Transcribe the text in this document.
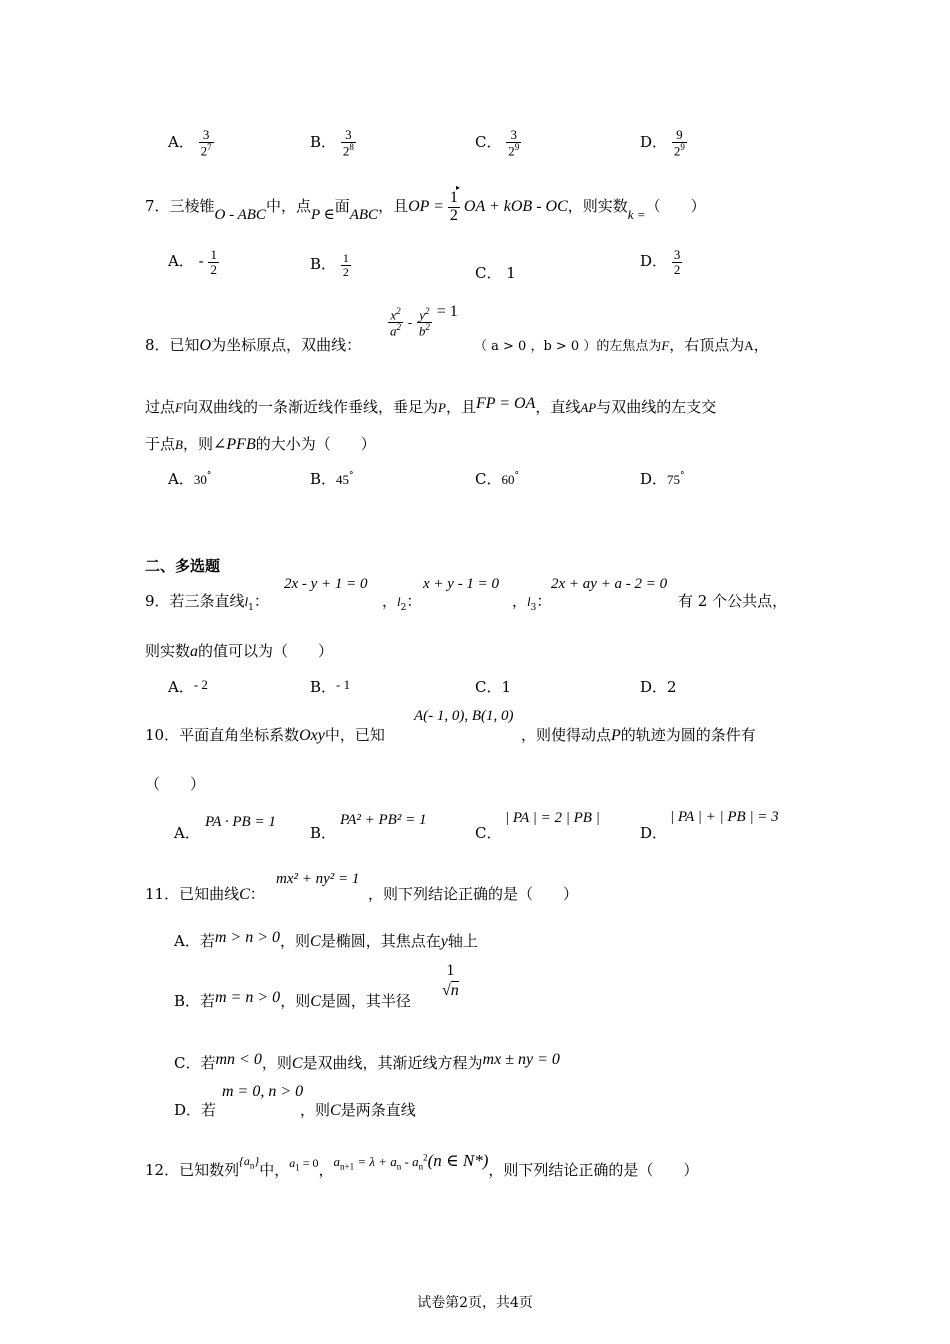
A． $\frac{3}{2^7}$	B． $\frac{3}{2^8}$	C． $\frac{3}{2^9}$	D． $\frac{9}{2^9}$
7．三棱锥O - ABC中，点P ∈面ABC，且OP = $\frac{1}{2}$ OA + kOB - OC，则实数k =（　　）
▸
A． - $\frac{1}{2}$	B． $\frac{1}{2}$	C． 1
D． $\frac{3}{2}$
8．已知O为坐标原点，双曲线：
$\frac{x^2}{a^2} - \frac{y^2}{b^2} = 1$
（ a > 0 ，b > 0 ）的左焦点为F，右顶点为A，
过点F向双曲线的一条渐近线作垂线，垂足为P，且FP = OA，直线AP与双曲线的左支交
于点B，则∠PFB的大小为（　　）
A．30°	B．45°	C．60°	D．75°
二、多选题
9．若三条直线$l_1$：
2x - y + 1 = 0
，$l_2$：
x + y - 1 = 0
，$l_3$：
2x + ay + a - 2 = 0
有 2 个公共点，
则实数a的值可以为（　　）
A．- 2	B．- 1	C．1	D．2
10．平面直角坐标系数Oxy中，已知
A(- 1, 0), B(1, 0)
，则使得动点P的轨迹为圆的条件有
（　　）
A．
PA · PB = 1
B．
PA² + PB² = 1
C．
| PA | = 2 | PB |
D．
| PA | + | PB | = 3
11．已知曲线C：
mx² + ny² = 1
，则下列结论正确的是（　　）
A．若m > n > 0，则C是椭圆，其焦点在y轴上
B．若m = n > 0，则C是圆，其半径
1
√n
C．若mn < 0，则C是双曲线，其渐近线方程为mx ± ny = 0
D．若
m = 0, n > 0
，则C是两条直线
12．已知数列$^{\{a_n\}}$中，$^{a_1 = 0}$，$a_{n+1} = \lambda + a_n - a_n^2(n$ ∈ N*)，则下列结论正确的是（　　）
试卷第2页，共4页
